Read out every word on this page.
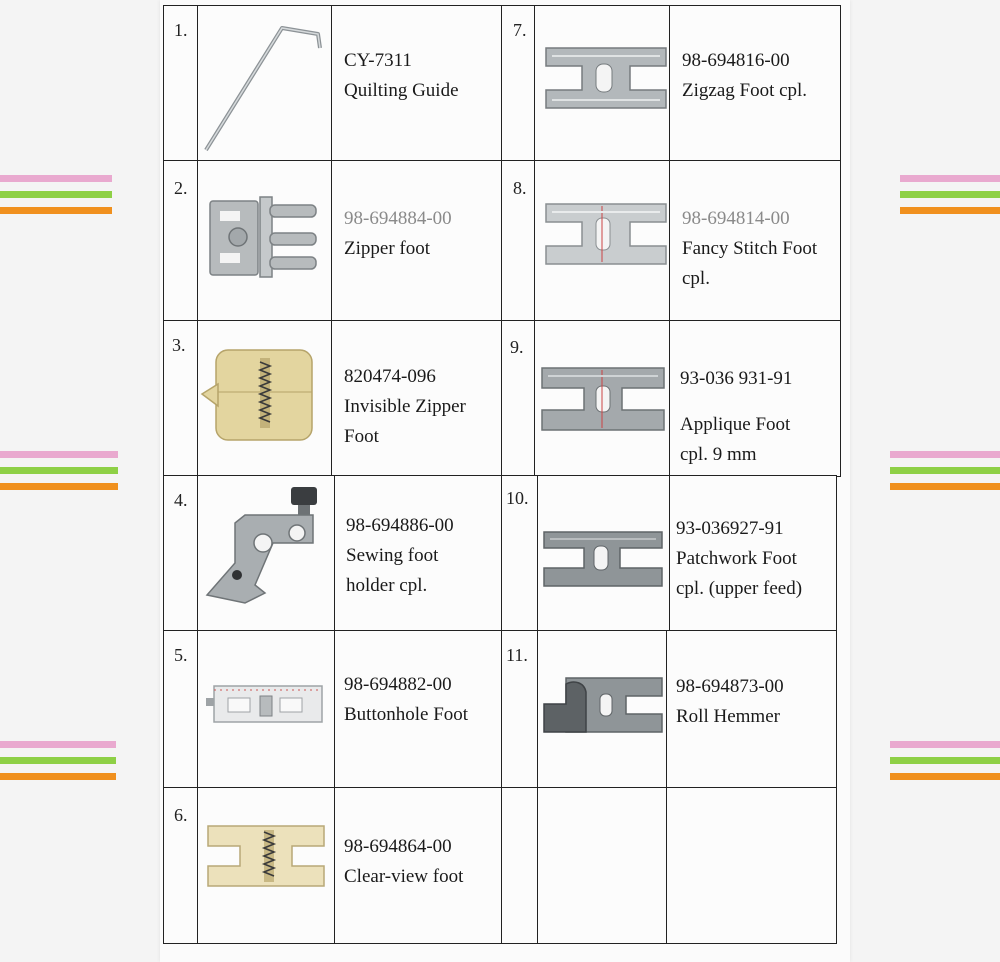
1.
CY-7311
Quilting Guide
2.
98-694884-00
Zipper foot
3.
820474-096
Invisible Zipper
Foot
4.
98-694886-00
Sewing foot
holder cpl.
5.
98-694882-00
Buttonhole Foot
6.
98-694864-00
Clear-view foot
7.
98-694816-00
Zigzag Foot cpl.
8.
98-694814-00
Fancy Stitch Foot
cpl.
9.
93-036 931-91
Applique Foot
cpl. 9 mm
10.
93-036927-91
Patchwork Foot
cpl. (upper feed)
11.
98-694873-00
Roll Hemmer
